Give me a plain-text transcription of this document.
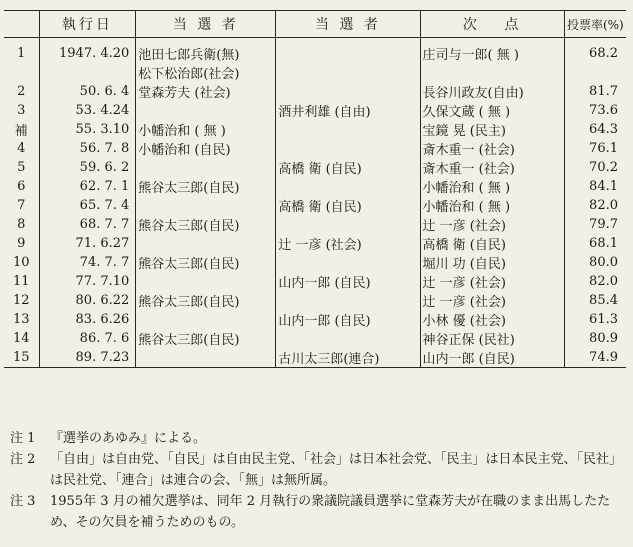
	執行日	当 選 者	当 選 者	次　 点	投票率(%)

1	1947. 4.20	池田七郎兵衛(無)		庄司与一郎( 無 )	68.2
		松下松治郎(社会)			
2	50. 6. 4	堂森芳夫 (社会)		長谷川政友(自由)	81.7
3	53. 4.24		酒井利雄 (自由)	久保文蔵 ( 無 )	73.6
補	55. 3.10	小幡治和 ( 無 )		宝鏡 晃 (民主)	64.3
4	56. 7. 8	小幡治和 (自民)		斎木重一 (社会)	76.1
5	59. 6. 2		高橋 衛 (自民)	斎木重一 (社会)	70.2
6	62. 7. 1	熊谷太三郎(自民)		小幡治和 ( 無 )	84.1
7	65. 7. 4		高橋 衛 (自民)	小幡治和 ( 無 )	82.0
8	68. 7. 7	熊谷太三郎(自民)		辻 一彦 (社会)	79.7
9	71. 6.27		辻 一彦 (社会)	高橋 衛 (自民)	68.1
10	74. 7. 7	熊谷太三郎(自民)		堀川 功 (自民)	80.0
11	77. 7.10		山内一郎 (自民)	辻 一彦 (社会)	82.0
12	80. 6.22	熊谷太三郎(自民)		辻 一彦 (社会)	85.4
13	83. 6.26		山内一郎 (自民)	小林 優 (社会)	61.3
14	86. 7. 6	熊谷太三郎(自民)		神谷正保 (民社)	80.9
15	89. 7.23		古川太三郎(連合)	山内一郎 (自民)	74.9
注 1	『選挙のあゆみ』による。
注 2	「自由」は自由党、「自民」は自由民主党、「社会」は日本社会党、「民主」は日本民主党、「民社」は民社党、「連合」は連合の会、「無」は無所属。
注 3	1955年 3 月の補欠選挙は、同年 2 月執行の衆議院議員選挙に堂森芳夫が在職のまま出馬したため、その欠員を補うためのもの。
